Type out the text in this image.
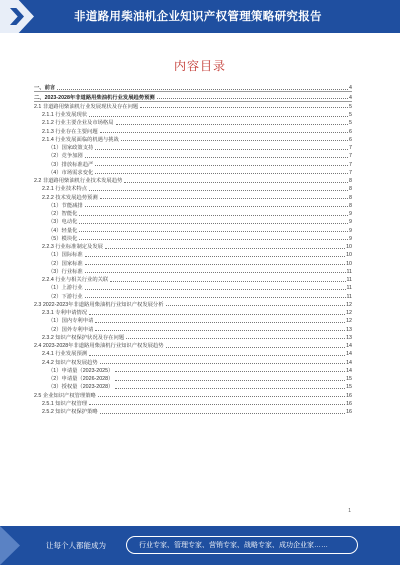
非道路用柴油机企业知识产权管理策略研究报告
内容目录
一、前言	4
二、2023-2028年非道路用柴油机行业发展趋势预测	4
2.1 非道路用柴油机行业发展现状及存在问题	5
2.1.1 行业发展现状	5
2.1.2 行业主要企业及市场格局	5
2.1.3 行业存在主要问题	6
2.1.4 行业发展面临的机遇与挑战	6
（1）国家政策支持	7
（2）竞争加剧	7
（3）排放标准趋严	7
（4）市场需求变化	7
2.2 非道路用柴油机行业技术发展趋势	8
2.2.1 行业技术特点	8
2.2.2 技术发展趋势预测	8
（1）节能减排	8
（2）智能化	9
（3）电动化	9
（4）轻量化	9
（5）模块化	9
2.2.3 行业标准制定及发展	10
（1）国际标准	10
（2）国家标准	10
（3）行业标准	11
2.2.4 行业与相关行业的关联	11
（1）上游行业	11
（2）下游行业	11
2.3 2022-2023年非道路用柴油机行业知识产权发展分析	12
2.3.1 专利申请情况	12
（1）国内专利申请	12
（2）国外专利申请	13
2.3.2 知识产权保护状况及存在问题	13
2.4 2023-2028年非道路用柴油机行业知识产权发展趋势	14
2.4.1 行业发展预测	14
2.4.2 知识产权发展趋势	14
（1）申请量（2023-2025）	14
（2）申请量（2026-2028）	15
（3）授权量（2023-2028）	15
2.5 企业知识产权管理策略	16
2.5.1 知识产权管理	16
2.5.2 知识产权保护策略	16
1
让每个人都能成为	行业专家、管理专家、营销专家、战略专家、成功企业家……
